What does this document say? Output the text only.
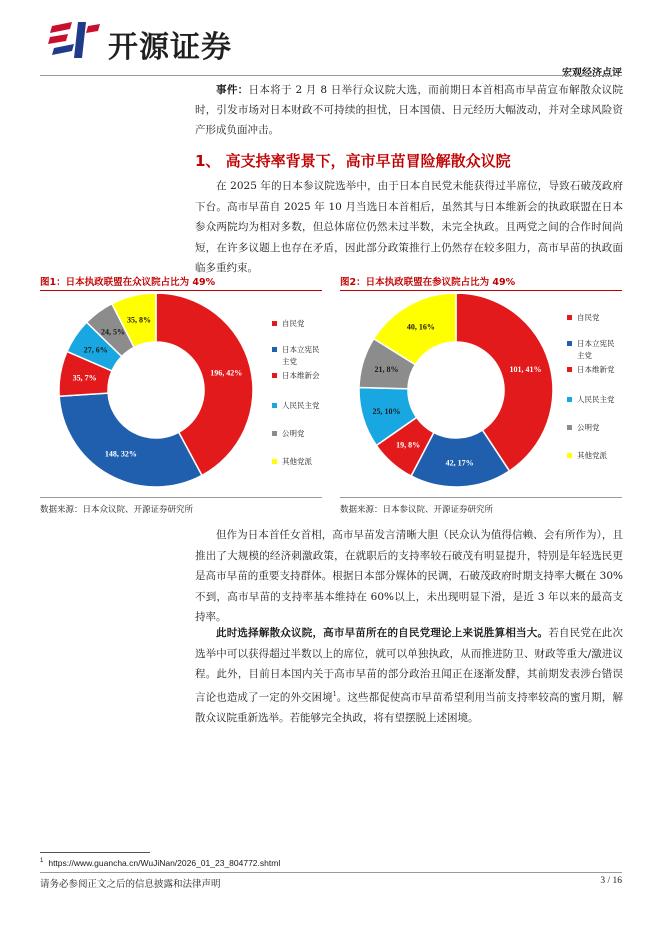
开源证券
宏观经济点评
事件：日本将于 2 月 8 日举行众议院大选，而前期日本首相高市早苗宣布解散众议院时，引发市场对日本财政不可持续的担忧，日本国债、日元经历大幅波动，并对全球风险资产形成负面冲击。
1、 高支持率背景下，高市早苗冒险解散众议院
在 2025 年的日本参议院选举中，由于日本自民党未能获得过半席位，导致石破茂政府下台。高市早苗自 2025 年 10 月当选日本首相后，虽然其与日本维新会的执政联盟在日本参众两院均为相对多数，但总体席位仍然未过半数，未完全执政。且两党之间的合作时间尚短，在许多议题上也存在矛盾，因此部分政策推行上仍然存在较多阻力，高市早苗的执政面临多重约束。
图1：日本执政联盟在众议院占比为 49%	图2：日本执政联盟在参议院占比为 49%
196, 42%
148, 32%
35, 7%
27, 6%
24, 5%
35, 8%
101, 41%
42, 17%
19, 8%
25, 10%
21, 8%
40, 16%
自民党
日本立宪民
主党
日本维新会
人民民主党
公明党
其他党派
自民党
日本立宪民
主党
日本维新党
人民民主党
公明党
其他党派
数据来源：日本众议院、开源证券研究所	数据来源：日本参议院、开源证券研究所
但作为日本首任女首相，高市早苗发言清晰大胆（民众认为值得信赖、会有所作为），且推出了大规模的经济刺激政策，在就职后的支持率较石破茂有明显提升，特别是年轻选民更是高市早苗的重要支持群体。根据日本部分媒体的民调，石破茂政府时期支持率大概在 30%不到，高市早苗的支持率基本维持在 60%以上，未出现明显下滑，是近 3 年以来的最高支持率。
此时选择解散众议院，高市早苗所在的自民党理论上来说胜算相当大。若自民党在此次选举中可以获得超过半数以上的席位，就可以单独执政，从而推进防卫、财政等重大/激进议程。此外，目前日本国内关于高市早苗的部分政治丑闻正在逐渐发酵，其前期发表涉台错误言论也造成了一定的外交困境$^1$。这些都促使高市早苗希望利用当前支持率较高的蜜月期，解散众议院重新选举。若能够完全执政，将有望摆脱上述困境。
$^1$ https://www.guancha.cn/WuJiNan/2026_01_23_804772.shtml
请务必参阅正文之后的信息披露和法律声明	3 / 16
